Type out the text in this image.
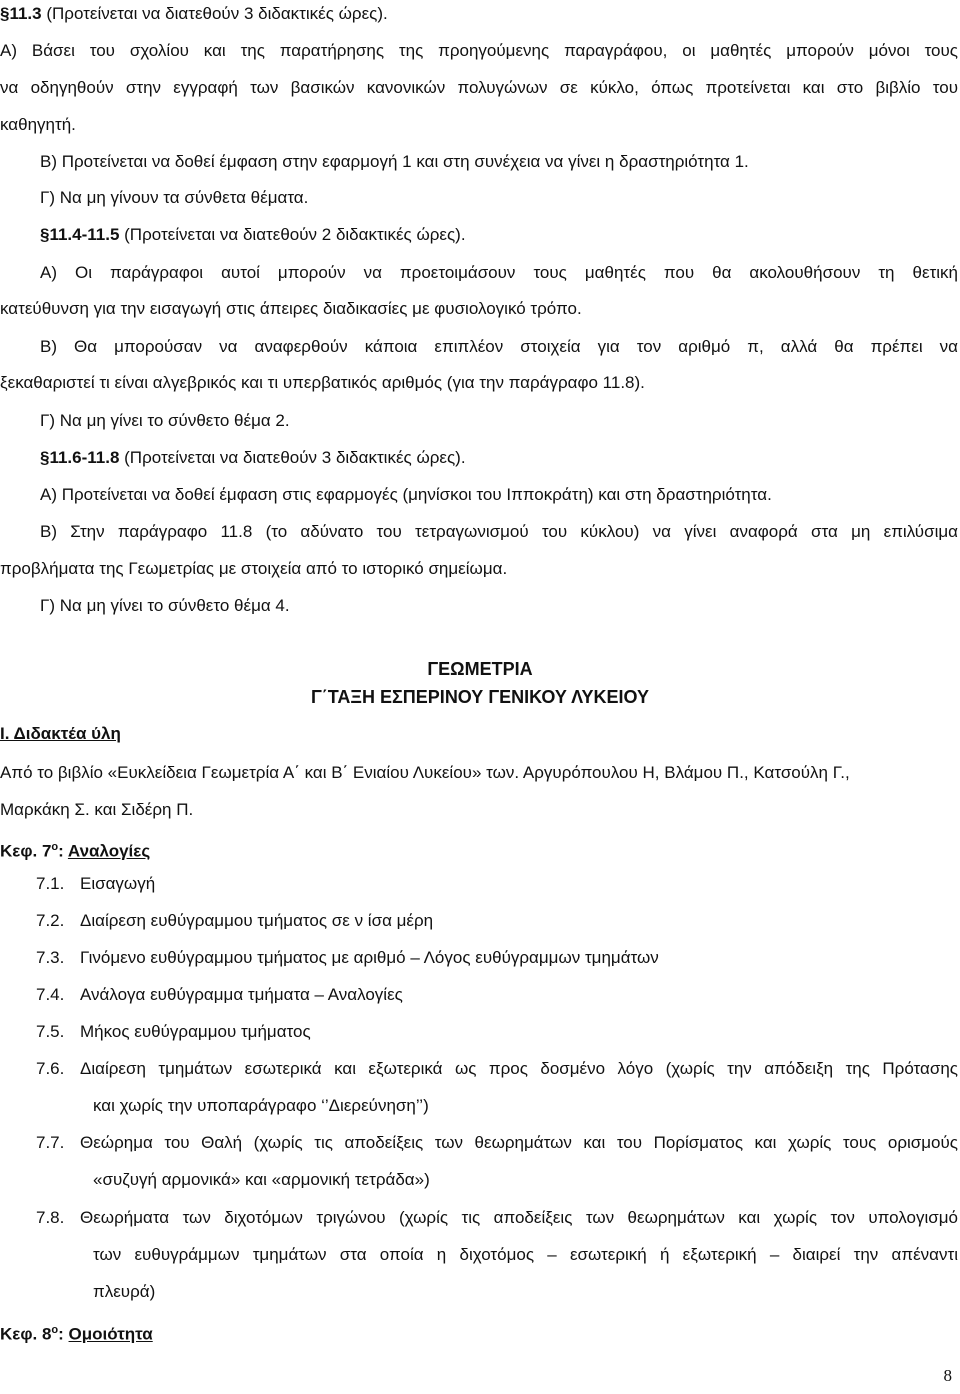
§11.3 (Προτείνεται να διατεθούν 3 διδακτικές ώρες).
Α) Βάσει του σχολίου και της παρατήρησης της προηγούμενης παραγράφου, οι μαθητές μπορούν μόνοι τους
να οδηγηθούν στην εγγραφή των βασικών κανονικών πολυγώνων σε κύκλο, όπως προτείνεται και στο βιβλίο του
καθηγητή.
Β) Προτείνεται να δοθεί έμφαση στην εφαρμογή 1 και στη συνέχεια να γίνει η δραστηριότητα 1.
Γ) Να μη γίνουν τα σύνθετα θέματα.
§11.4-11.5 (Προτείνεται να διατεθούν 2 διδακτικές ώρες).
Α) Οι παράγραφοι αυτοί μπορούν να προετοιμάσουν τους μαθητές που θα ακολουθήσουν τη θετική
κατεύθυνση για την εισαγωγή στις άπειρες διαδικασίες με φυσιολογικό τρόπο.
Β) Θα μπορούσαν να αναφερθούν κάποια επιπλέον στοιχεία για τον αριθμό π, αλλά θα πρέπει να
ξεκαθαριστεί τι είναι αλγεβρικός και τι υπερβατικός αριθμός (για την παράγραφο 11.8).
Γ) Να μη γίνει το σύνθετο θέμα 2.
§11.6-11.8 (Προτείνεται να διατεθούν 3 διδακτικές ώρες).
Α) Προτείνεται να δοθεί έμφαση στις εφαρμογές (μηνίσκοι του Ιπποκράτη) και στη δραστηριότητα.
Β) Στην παράγραφο 11.8 (το αδύνατο του τετραγωνισμού του κύκλου) να γίνει αναφορά στα μη επιλύσιμα
προβλήματα της Γεωμετρίας με στοιχεία από το ιστορικό σημείωμα.
Γ) Να μη γίνει το σύνθετο θέμα 4.
ΓΕΩΜΕΤΡΙΑ
Γ΄ΤΑΞΗ ΕΣΠΕΡΙΝΟΥ ΓΕΝΙΚΟΥ ΛΥΚΕΙΟΥ
Ι. Διδακτέα ύλη
Από το βιβλίο «Ευκλείδεια Γεωμετρία Α΄ και Β΄ Ενιαίου Λυκείου» των. Αργυρόπουλου Η, Βλάμου Π., Κατσούλη Γ.,
Μαρκάκη Σ. και Σιδέρη Π.
Κεφ. $7^o$: Αναλογίες
7.1. Εισαγωγή
7.2. Διαίρεση ευθύγραμμου τμήματος σε ν ίσα μέρη
7.3. Γινόμενο ευθύγραμμου τμήματος με αριθμό – Λόγος ευθύγραμμων τμημάτων
7.4. Ανάλογα ευθύγραμμα τμήματα – Αναλογίες
7.5. Μήκος ευθύγραμμου τμήματος
7.6. Διαίρεση τμημάτων εσωτερικά και εξωτερικά ως προς δοσμένο λόγο (χωρίς την απόδειξη της Πρότασης
και χωρίς την υποπαράγραφο ‘’Διερεύνηση’’)
7.7. Θεώρημα του Θαλή (χωρίς τις αποδείξεις των θεωρημάτων και του Πορίσματος και χωρίς τους ορισμούς
«συζυγή αρμονικά» και «αρμονική τετράδα»)
7.8. Θεωρήματα των διχοτόμων τριγώνου (χωρίς τις αποδείξεις των θεωρημάτων και χωρίς τον υπολογισμό
των ευθυγράμμων τμημάτων στα οποία η διχοτόμος – εσωτερική ή εξωτερική – διαιρεί την απέναντι
πλευρά)
Κεφ. $8^o$: Ομοιότητα
8
